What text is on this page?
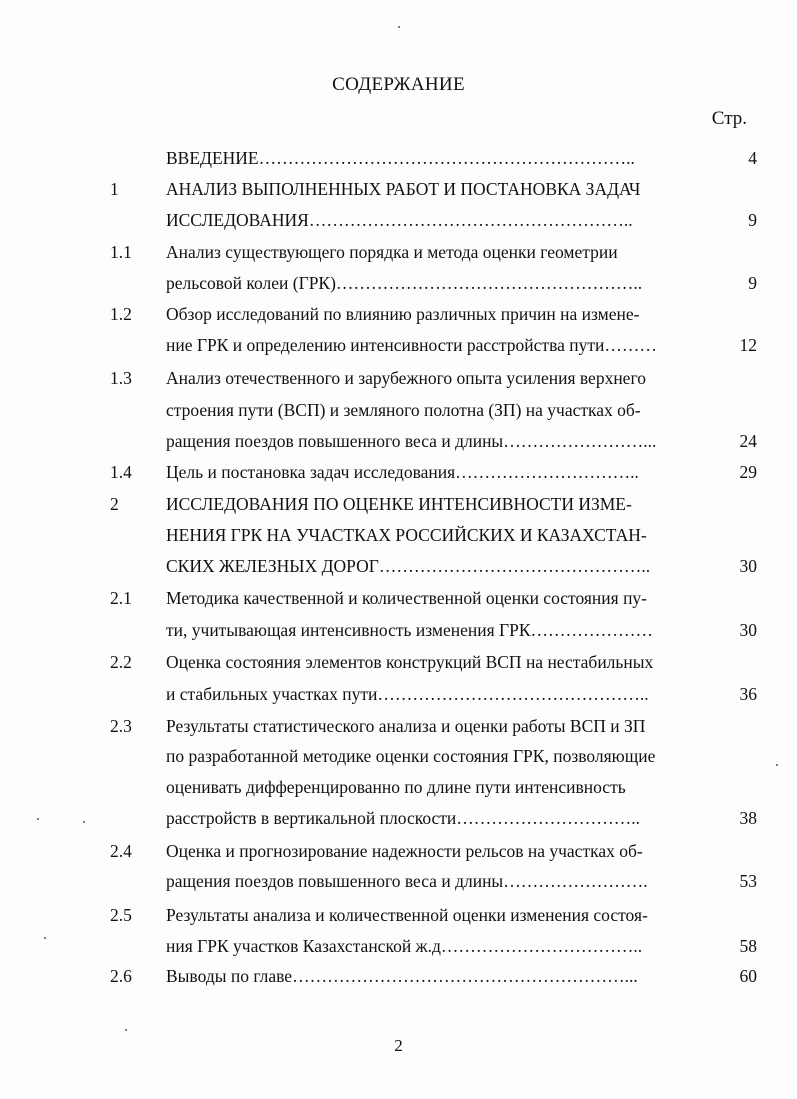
СОДЕРЖАНИЕ
Стр.
ВВЕДЕНИЕ………………………………………………………..	4
1	АНАЛИЗ ВЫПОЛНЕННЫХ РАБОТ И ПОСТАНОВКА ЗАДАЧ
ИССЛЕДОВАНИЯ………………………………………………..	9
1.1 Анализ существующего порядка и метода оценки геометрии
рельсовой колеи (ГРК)……………………………………………..	9
1.2 Обзор исследований по влиянию различных причин на измене-
ние ГРК и определению интенсивности расстройства пути………	12
1.3 Анализ отечественного и зарубежного опыта усиления верхнего
строения пути (ВСП) и земляного полотна (ЗП) на участках об-
ращения поездов повышенного веса и длины……………………...	24
1.4 Цель и постановка задач исследования…………………………..	29
2	ИССЛЕДОВАНИЯ ПО ОЦЕНКЕ ИНТЕНСИВНОСТИ ИЗМЕ-
НЕНИЯ ГРК НА УЧАСТКАХ РОССИЙСКИХ И КАЗАХСТАН-
СКИХ ЖЕЛЕЗНЫХ ДОРОГ………………………………………..	30
2.1 Методика качественной и количественной оценки состояния пу-
ти, учитывающая интенсивность изменения ГРК…………………	30
2.2 Оценка состояния элементов конструкций ВСП на нестабильных
и стабильных участках пути………………………………………..	36
2.3 Результаты статистического анализа и оценки работы ВСП и ЗП
по разработанной методике оценки состояния ГРК, позволяющие
оценивать дифференцированно по длине пути интенсивность
расстройств в вертикальной плоскости…………………………..	38
2.4 Оценка и прогнозирование надежности рельсов на участках об-
ращения поездов повышенного веса и длины…………………….	53
2.5 Результаты анализа и количественной оценки изменения состоя-
ния ГРК участков Казахстанской ж.д……………………………..	58
2.6 Выводы по главе…………………………………………………...	60
2
